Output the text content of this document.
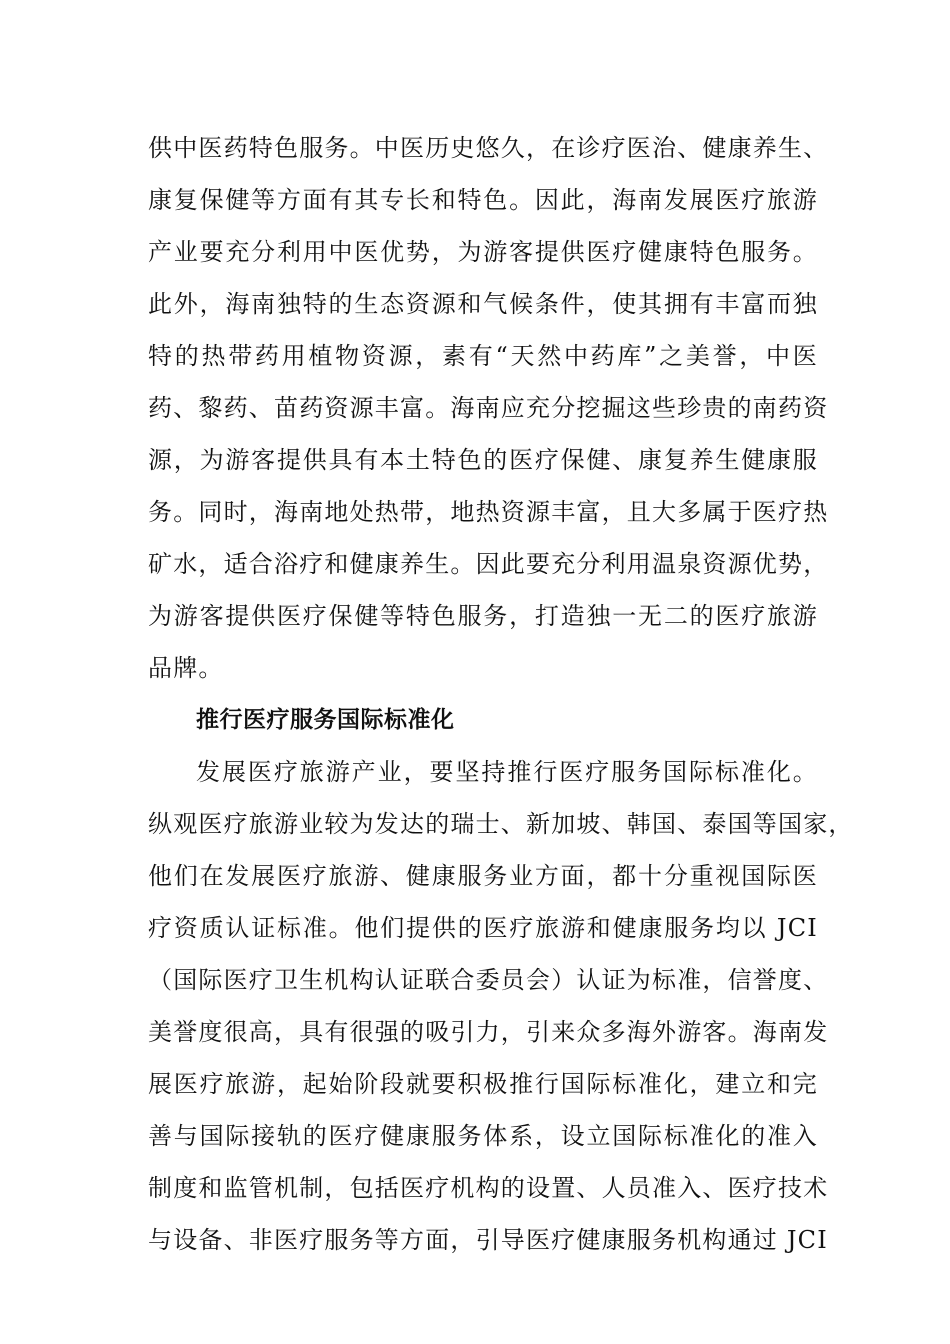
供中医药特色服务。中医历史悠久，在诊疗医治、健康养生、
康复保健等方面有其专长和特色。因此，海南发展医疗旅游
产业要充分利用中医优势，为游客提供医疗健康特色服务。
此外，海南独特的生态资源和气候条件，使其拥有丰富而独
特的热带药用植物资源，素有“天然中药库”之美誉，中医
药、黎药、苗药资源丰富。海南应充分挖掘这些珍贵的南药资
源，为游客提供具有本土特色的医疗保健、康复养生健康服
务。同时，海南地处热带，地热资源丰富，且大多属于医疗热
矿水，适合浴疗和健康养生。因此要充分利用温泉资源优势，
为游客提供医疗保健等特色服务，打造独一无二的医疗旅游
品牌。
推行医疗服务国际标准化
发展医疗旅游产业，要坚持推行医疗服务国际标准化。
纵观医疗旅游业较为发达的瑞士、新加坡、韩国、泰国等国家，
他们在发展医疗旅游、健康服务业方面，都十分重视国际医
疗资质认证标准。他们提供的医疗旅游和健康服务均以 JCI
（国际医疗卫生机构认证联合委员会）认证为标准，信誉度、
美誉度很高，具有很强的吸引力，引来众多海外游客。海南发
展医疗旅游，起始阶段就要积极推行国际标准化，建立和完
善与国际接轨的医疗健康服务体系，设立国际标准化的准入
制度和监管机制，包括医疗机构的设置、人员准入、医疗技术
与设备、非医疗服务等方面，引导医疗健康服务机构通过 JCI
